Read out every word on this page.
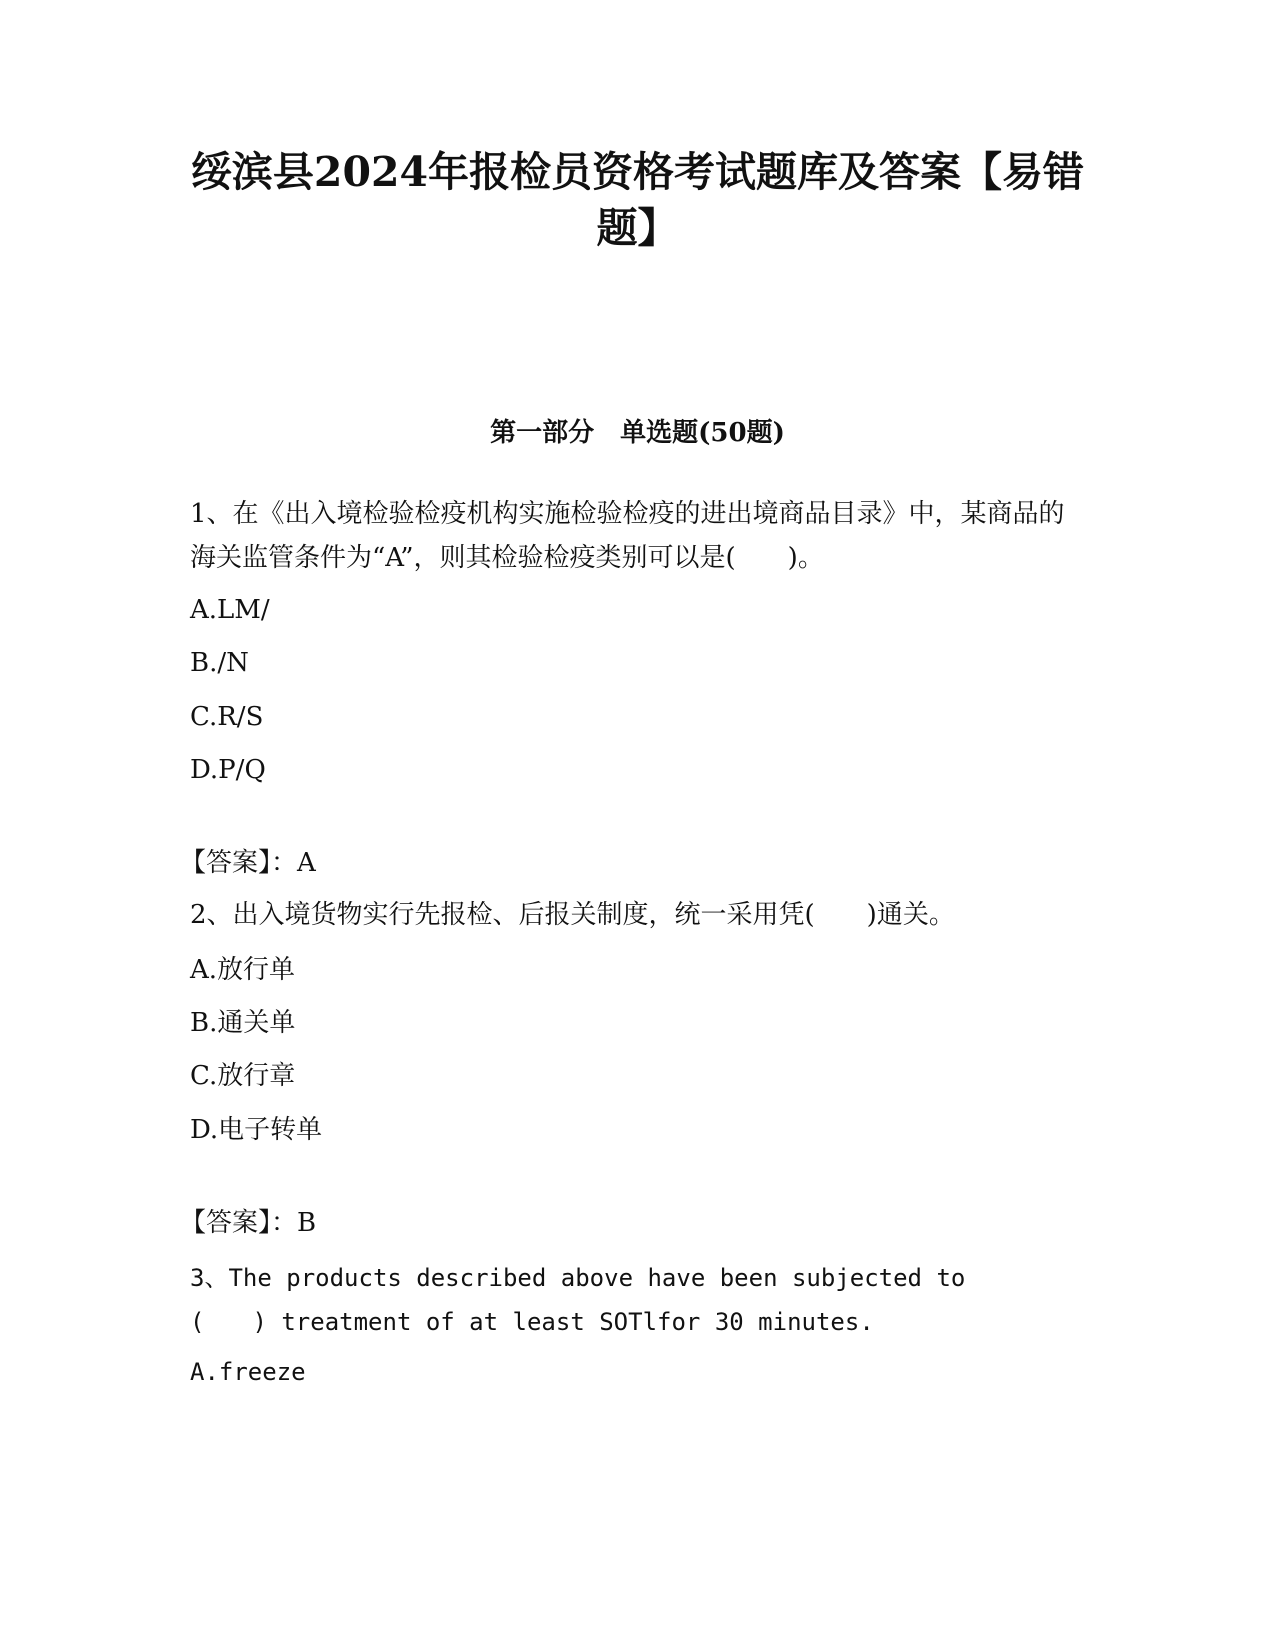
绥滨县2024年报检员资格考试题库及答案【易错题】
第一部分　单选题(50题)
1、在《出入境检验检疫机构实施检验检疫的进出境商品目录》中，某商品的海关监管条件为“A”，则其检验检疫类别可以是(　　)。
A.LM/
B./N
C.R/S
D.P/Q
【答案】：A
2、出入境货物实行先报检、后报关制度，统一采用凭(　　)通关。
A.放行单
B.通关单
C.放行章
D.电子转单
【答案】：B
3、The products described above have been subjected to (　　) treatment of at least SOTlfor 30 minutes.
A.freeze
